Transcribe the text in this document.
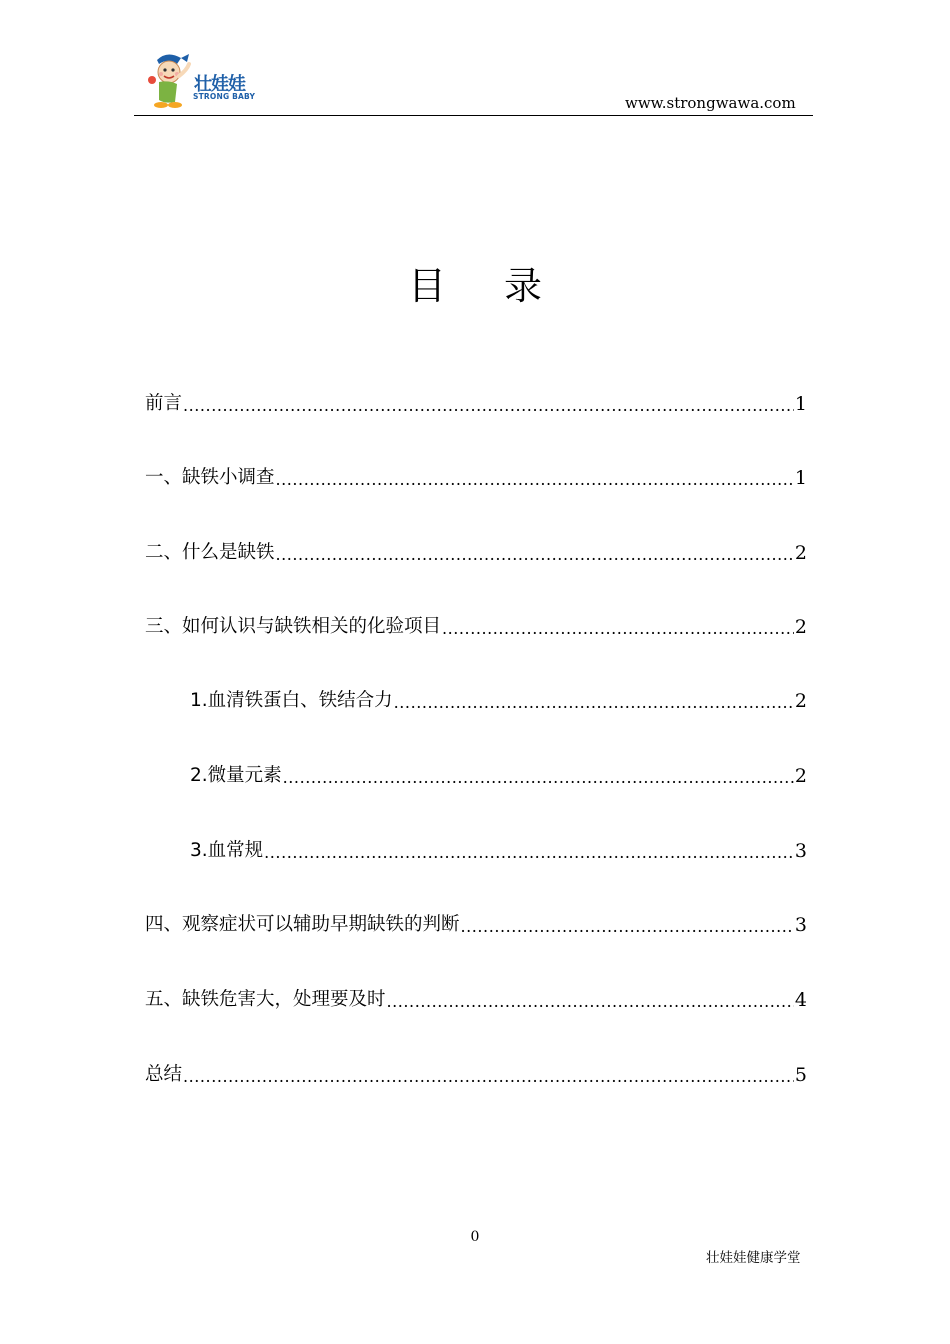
壮娃娃
STRONG BABY	www.strongwawa.com
目录
前言 .....	1
一、缺铁小调查 .....	1
二、什么是缺铁 .....	2
三、如何认识与缺铁相关的化验项目 .....	2
1.血清铁蛋白、铁结合力 .....	2
2.微量元素 .....	2
3.血常规 .....	3
四、观察症状可以辅助早期缺铁的判断 .....	3
五、缺铁危害大，处理要及时 .....	4
总结 .....	5
0
壮娃娃健康学堂
